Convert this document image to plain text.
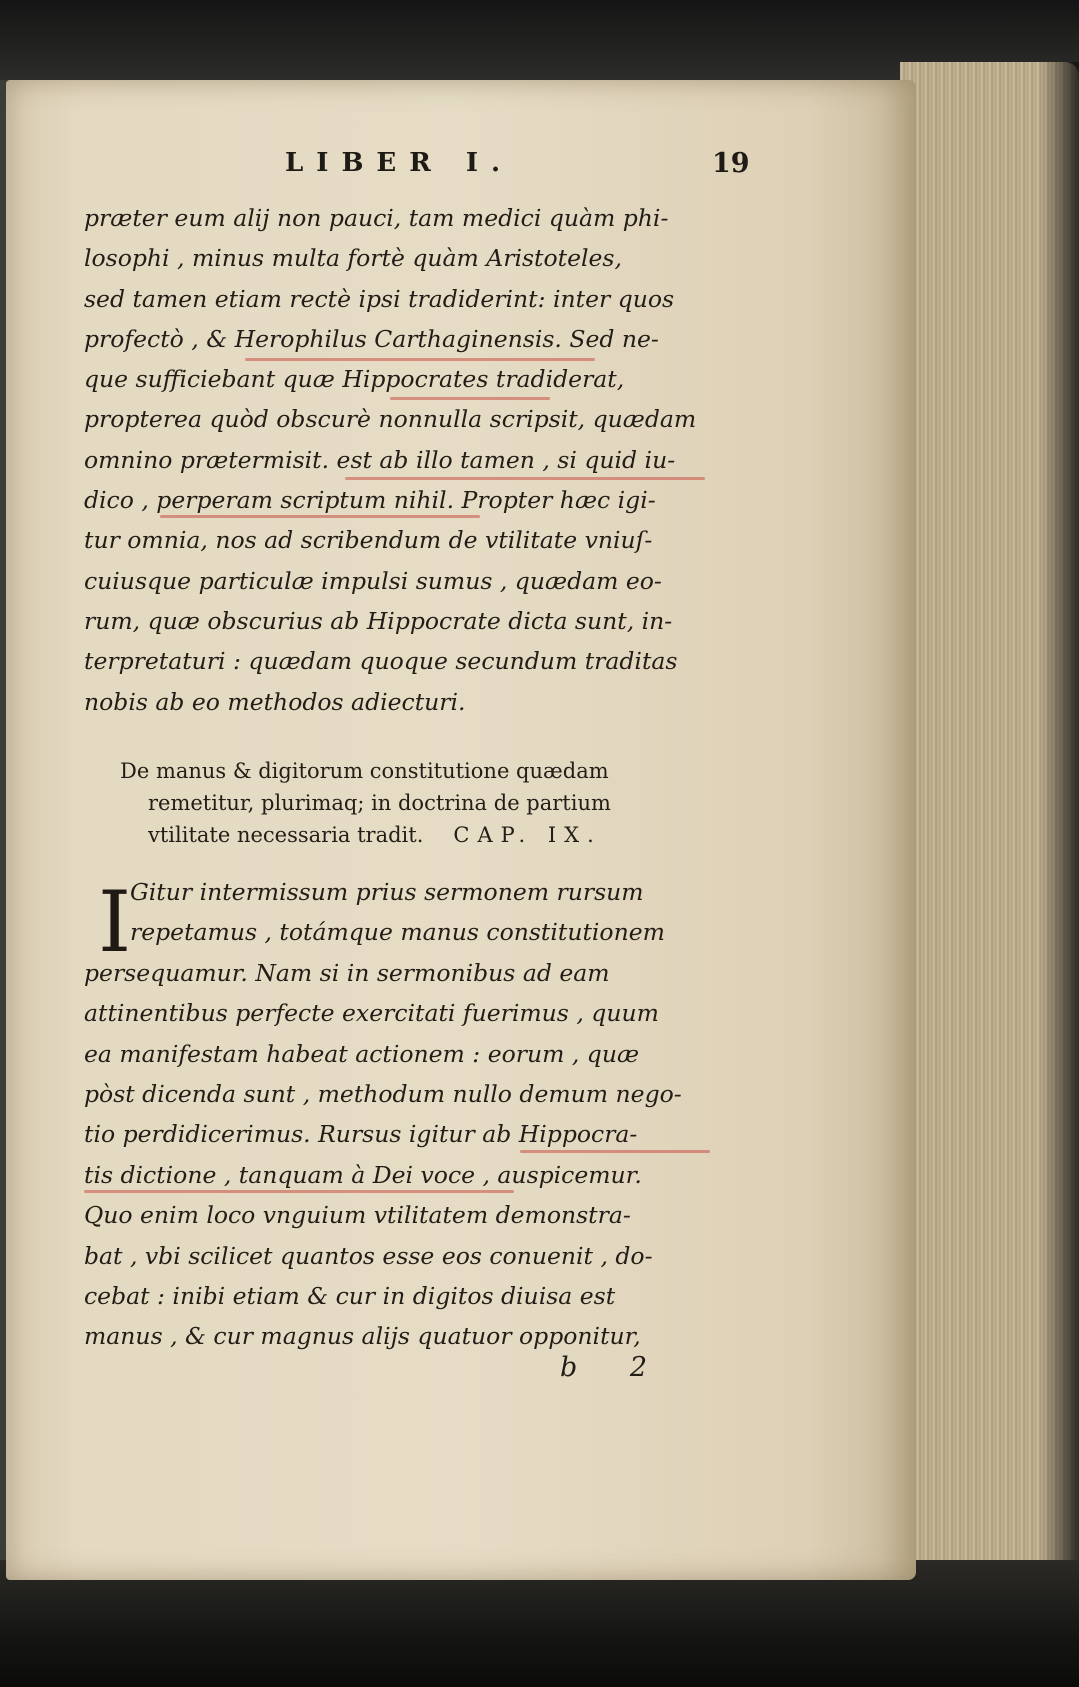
LIBER I.	19
præter eum alij non pauci, tam medici quàm phi-
losophi , minus multa fortè quàm Aristoteles,
sed tamen etiam rectè ipsi tradiderint: inter quos
profectò , & Herophilus Carthaginensis. Sed ne-
que sufficiebant quæ Hippocrates tradiderat,
propterea quòd obscurè nonnulla scripsit, quædam
omnino prætermisit. est ab illo tamen , si quid iu-
dico , perperam scriptum nihil. Propter hæc igi-
tur omnia, nos ad scribendum de vtilitate vniuſ-
cuiusque particulæ impulsi sumus , quædam eo-
rum, quæ obscurius ab Hippocrate dicta sunt, in-
terpretaturi : quædam quoque secundum traditas
nobis ab eo methodos adiecturi.
De manus & digitorum constitutione quædam
remetitur, plurimaq; in doctrina de partium
vtilitate necessaria tradit. CAP. IX.
I
Gitur intermissum prius sermonem rursum
repetamus , totámque manus constitutionem
persequamur. Nam si in sermonibus ad eam
attinentibus perfecte exercitati fuerimus , quum
ea manifestam habeat actionem : eorum , quæ
pòst dicenda sunt , methodum nullo demum nego-
tio perdidicerimus. Rursus igitur ab Hippocra-
tis dictione , tanquam à Dei voce , auspicemur.
Quo enim loco vnguium vtilitatem demonstra-
bat , vbi scilicet quantos esse eos conuenit , do-
cebat : inibi etiam & cur in digitos diuisa est
manus , & cur magnus alijs quatuor opponitur,
b 2
